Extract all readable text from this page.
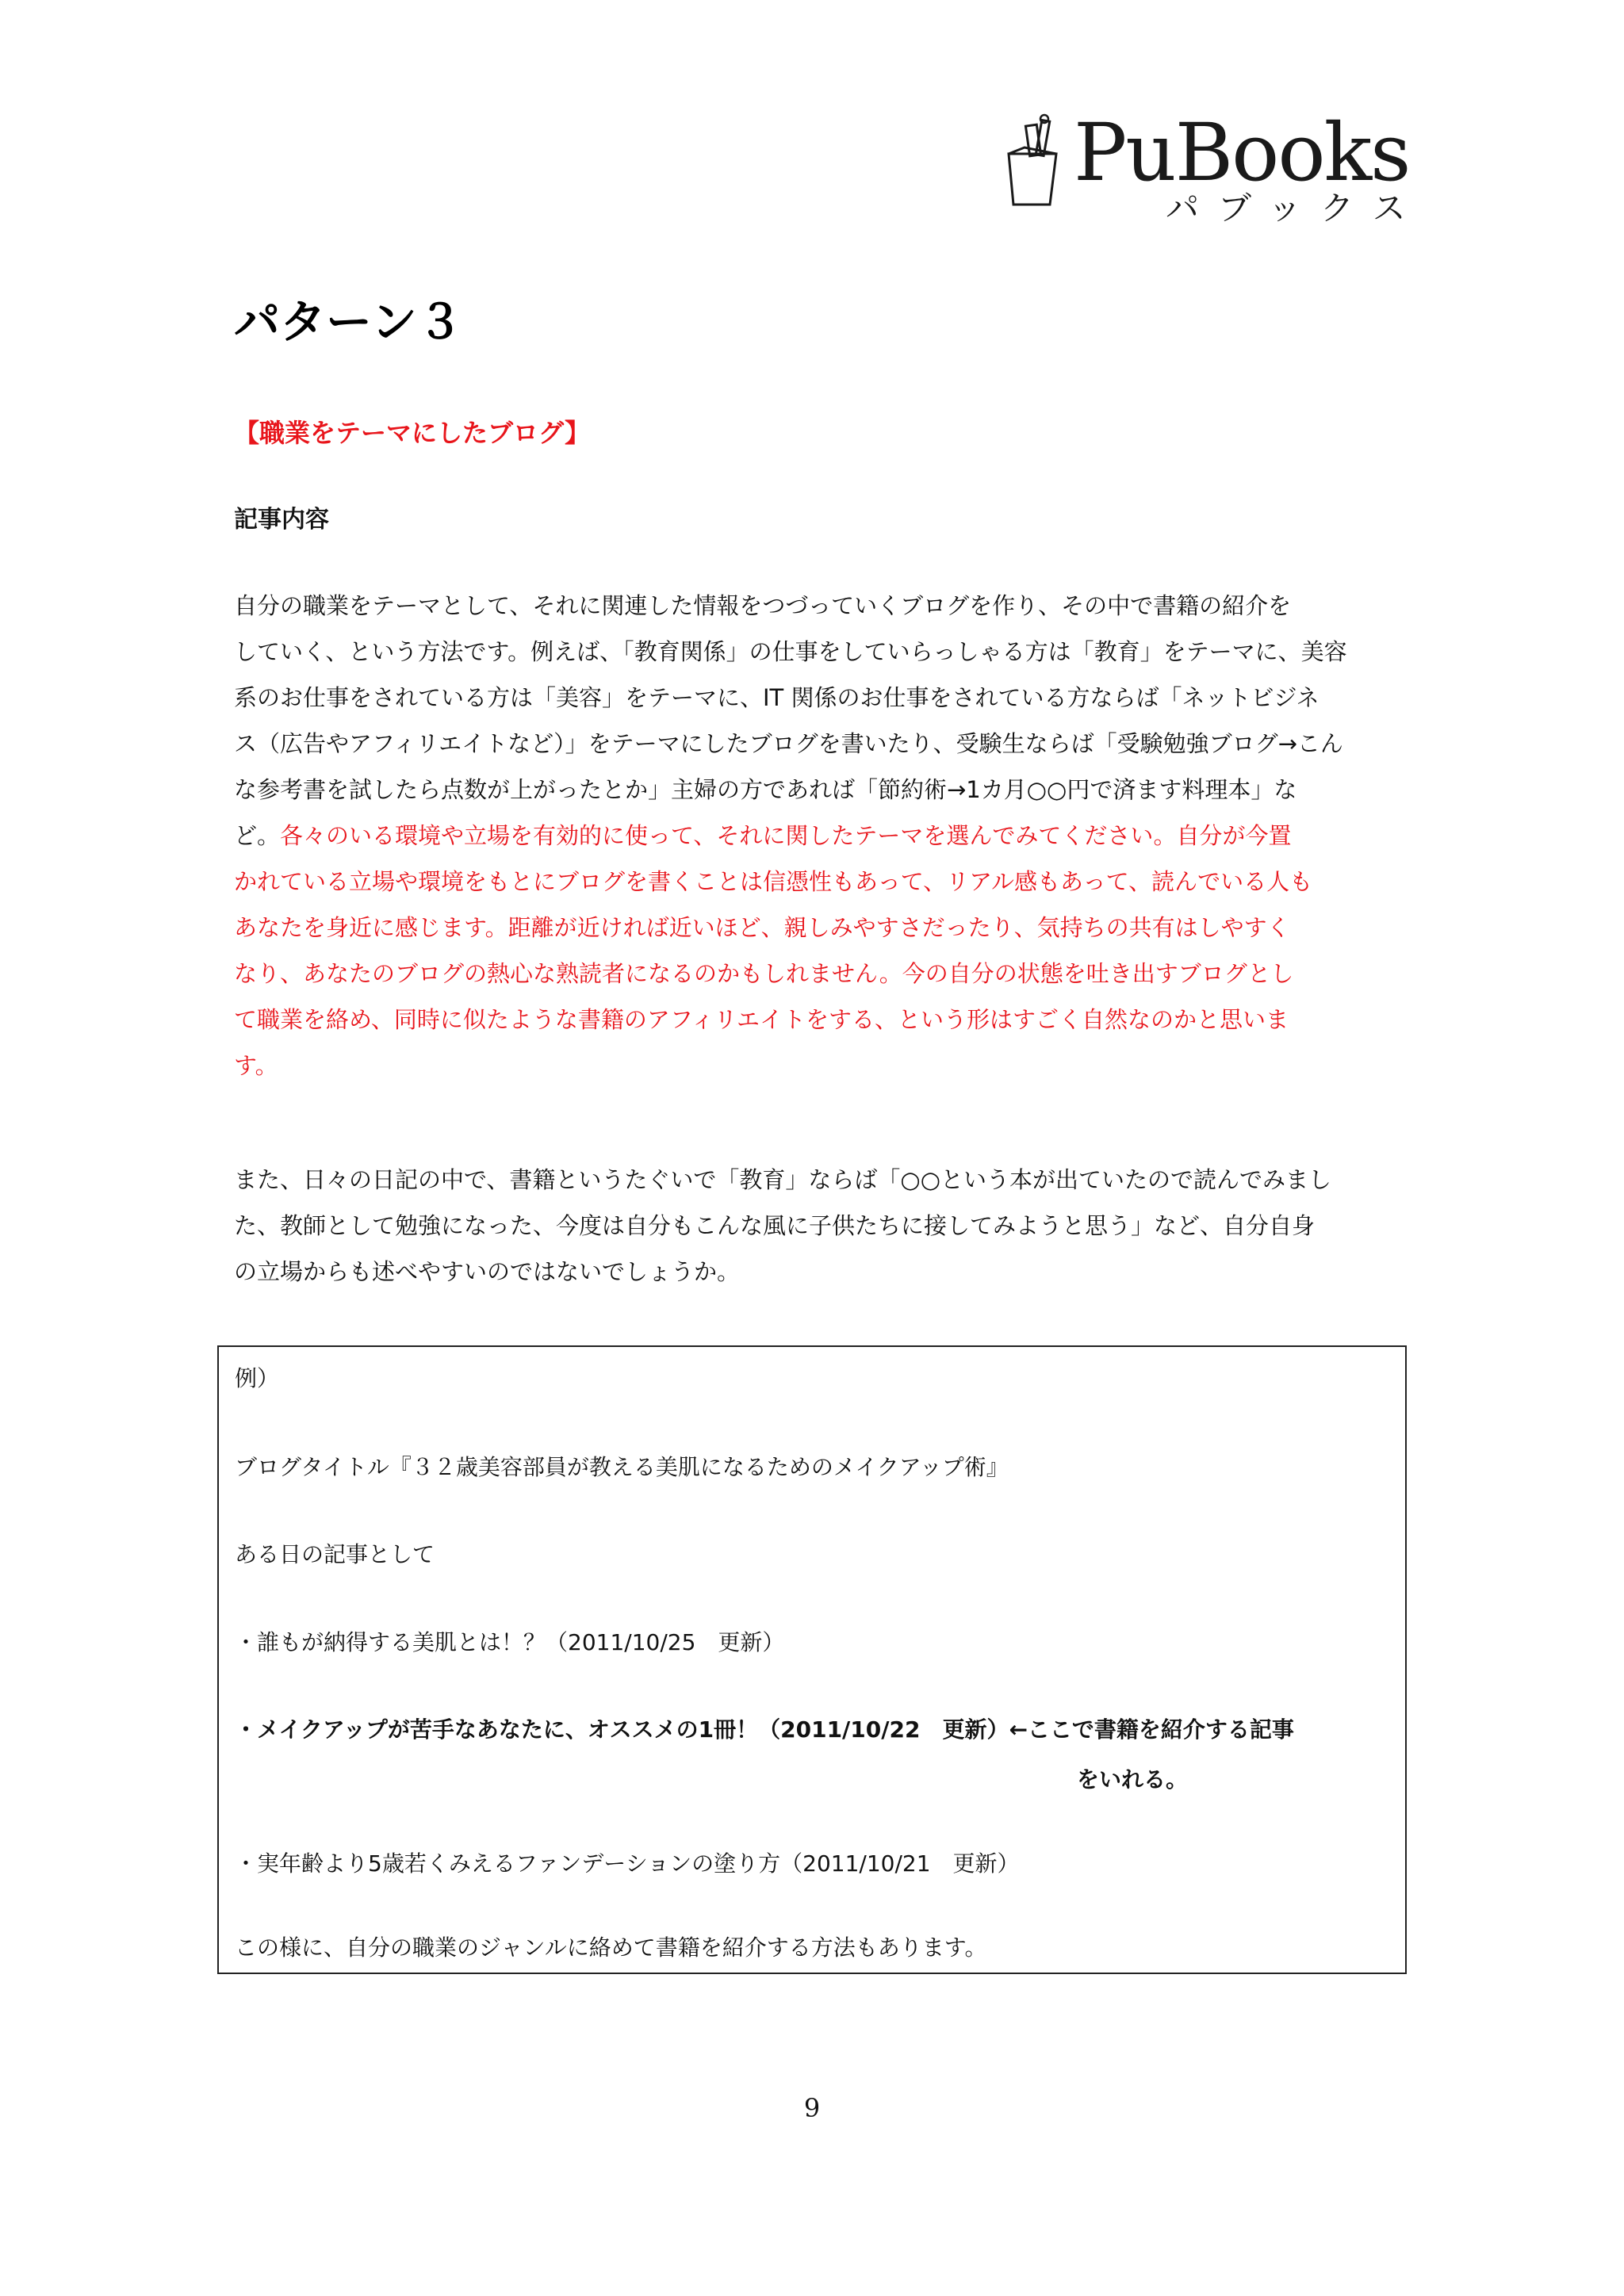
PuBooks
パブックス
パターン３
【職業をテーマにしたブログ】
記事内容
自分の職業をテーマとして、それに関連した情報をつづっていくブログを作り、その中で書籍の紹介を
していく、という方法です。例えば、「教育関係」の仕事をしていらっしゃる方は「教育」をテーマに、美容
系のお仕事をされている方は「美容」をテーマに、IT 関係のお仕事をされている方ならば「ネットビジネ
ス（広告やアフィリエイトなど）」をテーマにしたブログを書いたり、受験生ならば「受験勉強ブログ→こん
な参考書を試したら点数が上がったとか」主婦の方であれば「節約術→1カ月○○円で済ます料理本」な
ど。各々のいる環境や立場を有効的に使って、それに関したテーマを選んでみてください。自分が今置
かれている立場や環境をもとにブログを書くことは信憑性もあって、リアル感もあって、読んでいる人も
あなたを身近に感じます。距離が近ければ近いほど、親しみやすさだったり、気持ちの共有はしやすく
なり、あなたのブログの熱心な熟読者になるのかもしれません。今の自分の状態を吐き出すブログとし
て職業を絡め、同時に似たような書籍のアフィリエイトをする、という形はすごく自然なのかと思いま
す。
また、日々の日記の中で、書籍というたぐいで「教育」ならば「○○という本が出ていたので読んでみまし
た、教師として勉強になった、今度は自分もこんな風に子供たちに接してみようと思う」など、自分自身
の立場からも述べやすいのではないでしょうか。
例）
ブログタイトル『３２歳美容部員が教える美肌になるためのメイクアップ術』
ある日の記事として
・誰もが納得する美肌とは！？（2011/10/25　更新）
・メイクアップが苦手なあなたに、オススメの1冊！（2011/10/22　更新）←ここで書籍を紹介する記事
をいれる。
・実年齢より5歳若くみえるファンデーションの塗り方（2011/10/21　更新）
この様に、自分の職業のジャンルに絡めて書籍を紹介する方法もあります。
9
